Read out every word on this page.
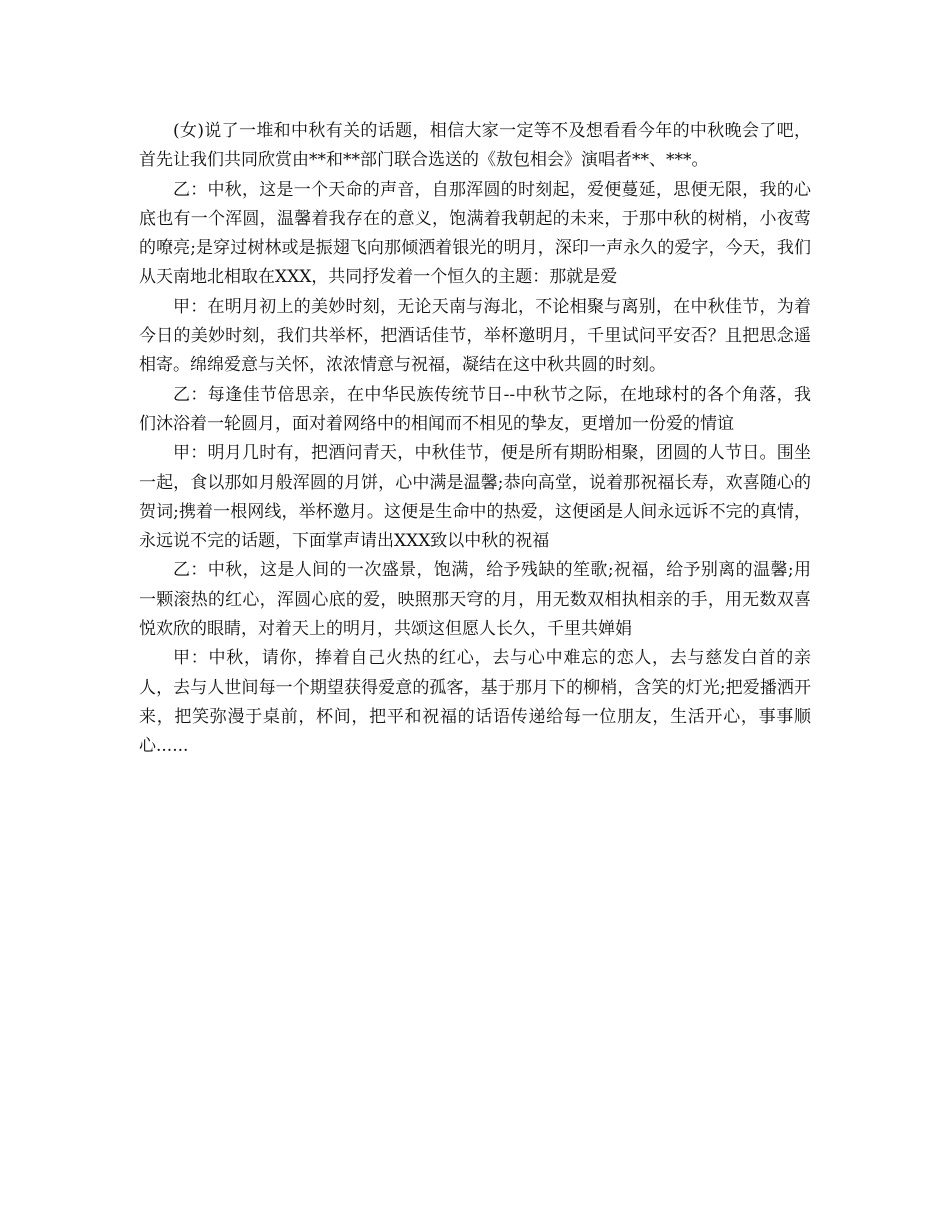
(女)说了一堆和中秋有关的话题，相信大家一定等不及想看看今年的中秋晚会了吧，首先让我们共同欣赏由**和**部门联合选送的《敖包相会》演唱者**、***。

乙：中秋，这是一个天命的声音，自那浑圆的时刻起，爱便蔓延，思便无限，我的心底也有一个浑圆，温馨着我存在的意义，饱满着我朝起的未来，于那中秋的树梢，小夜莺的嘹亮;是穿过树林或是振翅飞向那倾洒着银光的明月，深印一声永久的爱字，今天，我们从天南地北相取在XXX，共同抒发着一个恒久的主题：那就是爱

甲：在明月初上的美妙时刻，无论天南与海北，不论相聚与离别，在中秋佳节，为着今日的美妙时刻，我们共举杯，把酒话佳节，举杯邀明月，千里试问平安否？且把思念遥相寄。绵绵爱意与关怀，浓浓情意与祝福，凝结在这中秋共圆的时刻。

乙：每逢佳节倍思亲，在中华民族传统节日--中秋节之际，在地球村的各个角落，我们沐浴着一轮圆月，面对着网络中的相闻而不相见的挚友，更增加一份爱的情谊

甲：明月几时有，把酒问青天，中秋佳节，便是所有期盼相聚，团圆的人节日。围坐一起，食以那如月般浑圆的月饼，心中满是温馨;恭向高堂，说着那祝福长寿，欢喜随心的贺词;携着一根网线，举杯邀月。这便是生命中的热爱，这便函是人间永远诉不完的真情，永远说不完的话题，下面掌声请出XXX致以中秋的祝福

乙：中秋，这是人间的一次盛景，饱满，给予残缺的笙歌;祝福，给予别离的温馨;用一颗滚热的红心，浑圆心底的爱，映照那天穹的月，用无数双相执相亲的手，用无数双喜悦欢欣的眼睛，对着天上的明月，共颂这但愿人长久，千里共婵娟

甲：中秋，请你，捧着自己火热的红心，去与心中难忘的恋人，去与慈发白首的亲人，去与人世间每一个期望获得爱意的孤客，基于那月下的柳梢，含笑的灯光;把爱播洒开来，把笑弥漫于桌前，杯间，把平和祝福的话语传递给每一位朋友，生活开心，事事顺心......
